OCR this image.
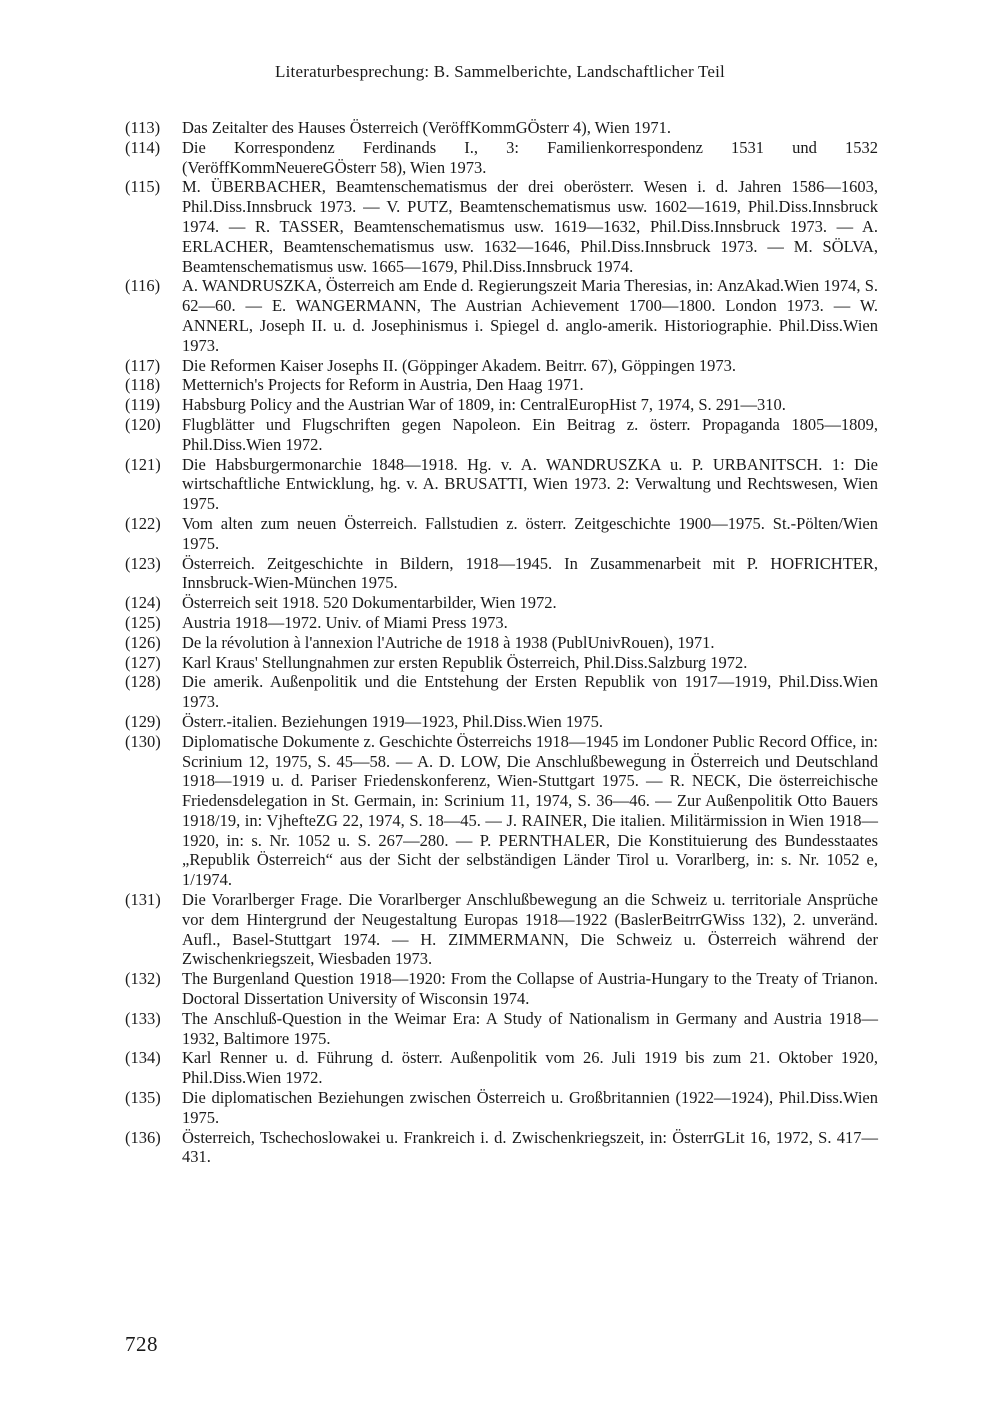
Literaturbesprechung: B. Sammelberichte, Landschaftlicher Teil
(113)	Das Zeitalter des Hauses Österreich (VeröffKommGÖsterr 4), Wien 1971.
(114)	Die Korrespondenz Ferdinands I., 3: Familienkorrespondenz 1531 und 1532 (VeröffKommNeuereGÖsterr 58), Wien 1973.
(115)	M. ÜBERBACHER, Beamtenschematismus der drei oberösterr. Wesen i. d. Jahren 1586—1603, Phil.Diss.Innsbruck 1973. — V. PUTZ, Beamtenschematismus usw. 1602—1619, Phil.Diss.Innsbruck 1974. — R. TASSER, Beamtenschematismus usw. 1619—1632, Phil.Diss.Innsbruck 1973. — A. ERLACHER, Beamtenschematismus usw. 1632—1646, Phil.Diss.Innsbruck 1973. — M. SÖLVA, Beamtenschematismus usw. 1665—1679, Phil.Diss.Innsbruck 1974.
(116)	A. WANDRUSZKA, Österreich am Ende d. Regierungszeit Maria Theresias, in: AnzAkad.Wien 1974, S. 62—60. — E. WANGERMANN, The Austrian Achievement 1700—1800. London 1973. — W. ANNERL, Joseph II. u. d. Josephinismus i. Spiegel d. anglo-amerik. Historiographie. Phil.Diss.Wien 1973.
(117)	Die Reformen Kaiser Josephs II. (Göppinger Akadem. Beitrr. 67), Göppingen 1973.
(118)	Metternich's Projects for Reform in Austria, Den Haag 1971.
(119)	Habsburg Policy and the Austrian War of 1809, in: CentralEuropHist 7, 1974, S. 291—310.
(120)	Flugblätter und Flugschriften gegen Napoleon. Ein Beitrag z. österr. Propaganda 1805—1809, Phil.Diss.Wien 1972.
(121)	Die Habsburgermonarchie 1848—1918. Hg. v. A. WANDRUSZKA u. P. URBANITSCH. 1: Die wirtschaftliche Entwicklung, hg. v. A. BRUSATTI, Wien 1973. 2: Verwaltung und Rechtswesen, Wien 1975.
(122)	Vom alten zum neuen Österreich. Fallstudien z. österr. Zeitgeschichte 1900—1975. St.-Pölten/Wien 1975.
(123)	Österreich. Zeitgeschichte in Bildern, 1918—1945. In Zusammenarbeit mit P. HOFRICHTER, Innsbruck-Wien-München 1975.
(124)	Österreich seit 1918. 520 Dokumentarbilder, Wien 1972.
(125)	Austria 1918—1972. Univ. of Miami Press 1973.
(126)	De la révolution à l'annexion l'Autriche de 1918 à 1938 (PublUnivRouen), 1971.
(127)	Karl Kraus' Stellungnahmen zur ersten Republik Österreich, Phil.Diss.Salzburg 1972.
(128)	Die amerik. Außenpolitik und die Entstehung der Ersten Republik von 1917—1919, Phil.Diss.Wien 1973.
(129)	Österr.-italien. Beziehungen 1919—1923, Phil.Diss.Wien 1975.
(130)	Diplomatische Dokumente z. Geschichte Österreichs 1918—1945 im Londoner Public Record Office, in: Scrinium 12, 1975, S. 45—58. — A. D. LOW, Die Anschlußbewegung in Österreich und Deutschland 1918—1919 u. d. Pariser Friedenskonferenz, Wien-Stuttgart 1975. — R. NECK, Die österreichische Friedensdelegation in St. Germain, in: Scrinium 11, 1974, S. 36—46. — Zur Außenpolitik Otto Bauers 1918/19, in: VjhefteZG 22, 1974, S. 18—45. — J. RAINER, Die italien. Militärmission in Wien 1918—1920, in: s. Nr. 1052 u. S. 267—280. — P. PERNTHALER, Die Konstituierung des Bundesstaates „Republik Österreich“ aus der Sicht der selbständigen Länder Tirol u. Vorarlberg, in: s. Nr. 1052 e, 1/1974.
(131)	Die Vorarlberger Frage. Die Vorarlberger Anschlußbewegung an die Schweiz u. territoriale Ansprüche vor dem Hintergrund der Neugestaltung Europas 1918—1922 (BaslerBeitrrGWiss 132), 2. unveränd. Aufl., Basel-Stuttgart 1974. — H. ZIMMERMANN, Die Schweiz u. Österreich während der Zwischenkriegszeit, Wiesbaden 1973.
(132)	The Burgenland Question 1918—1920: From the Collapse of Austria-Hungary to the Treaty of Trianon. Doctoral Dissertation University of Wisconsin 1974.
(133)	The Anschluß-Question in the Weimar Era: A Study of Nationalism in Germany and Austria 1918—1932, Baltimore 1975.
(134)	Karl Renner u. d. Führung d. österr. Außenpolitik vom 26. Juli 1919 bis zum 21. Oktober 1920, Phil.Diss.Wien 1972.
(135)	Die diplomatischen Beziehungen zwischen Österreich u. Großbritannien (1922—1924), Phil.Diss.Wien 1975.
(136)	Österreich, Tschechoslowakei u. Frankreich i. d. Zwischenkriegszeit, in: ÖsterrGLit 16, 1972, S. 417—431.
728
